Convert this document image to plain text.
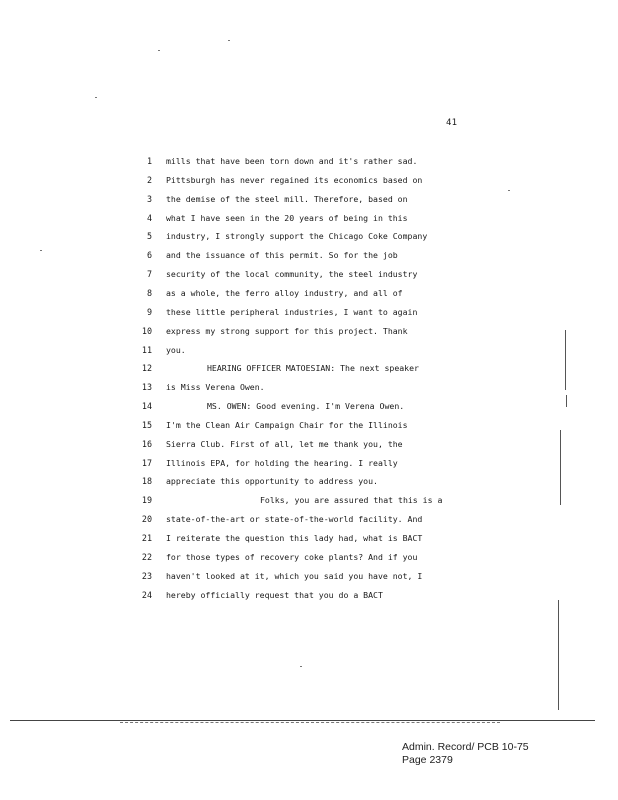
41
1 mills that have been torn down and it's rather sad.
2 Pittsburgh has never regained its economics based on
3 the demise of the steel mill. Therefore, based on
4 what I have seen in the 20 years of being in this
5 industry, I strongly support the Chicago Coke Company
6 and the issuance of this permit. So for the job
7 security of the local community, the steel industry
8 as a whole, the ferro alloy industry, and all of
9 these little peripheral industries, I want to again
10 express my strong support for this project. Thank
11 you.
12	HEARING OFFICER MATOESIAN: The next speaker
13 is Miss Verena Owen.
14	MS. OWEN: Good evening. I'm Verena Owen.
15 I'm the Clean Air Campaign Chair for the Illinois
16 Sierra Club. First of all, let me thank you, the
17 Illinois EPA, for holding the hearing. I really
18 appreciate this opportunity to address you.
19	Folks, you are assured that this is a
20 state-of-the-art or state-of-the-world facility. And
21 I reiterate the question this lady had, what is BACT
22 for those types of recovery coke plants? And if you
23 haven't looked at it, which you said you have not, I
24 hereby officially request that you do a BACT
Admin. Record/ PCB 10-75
Page 2379
